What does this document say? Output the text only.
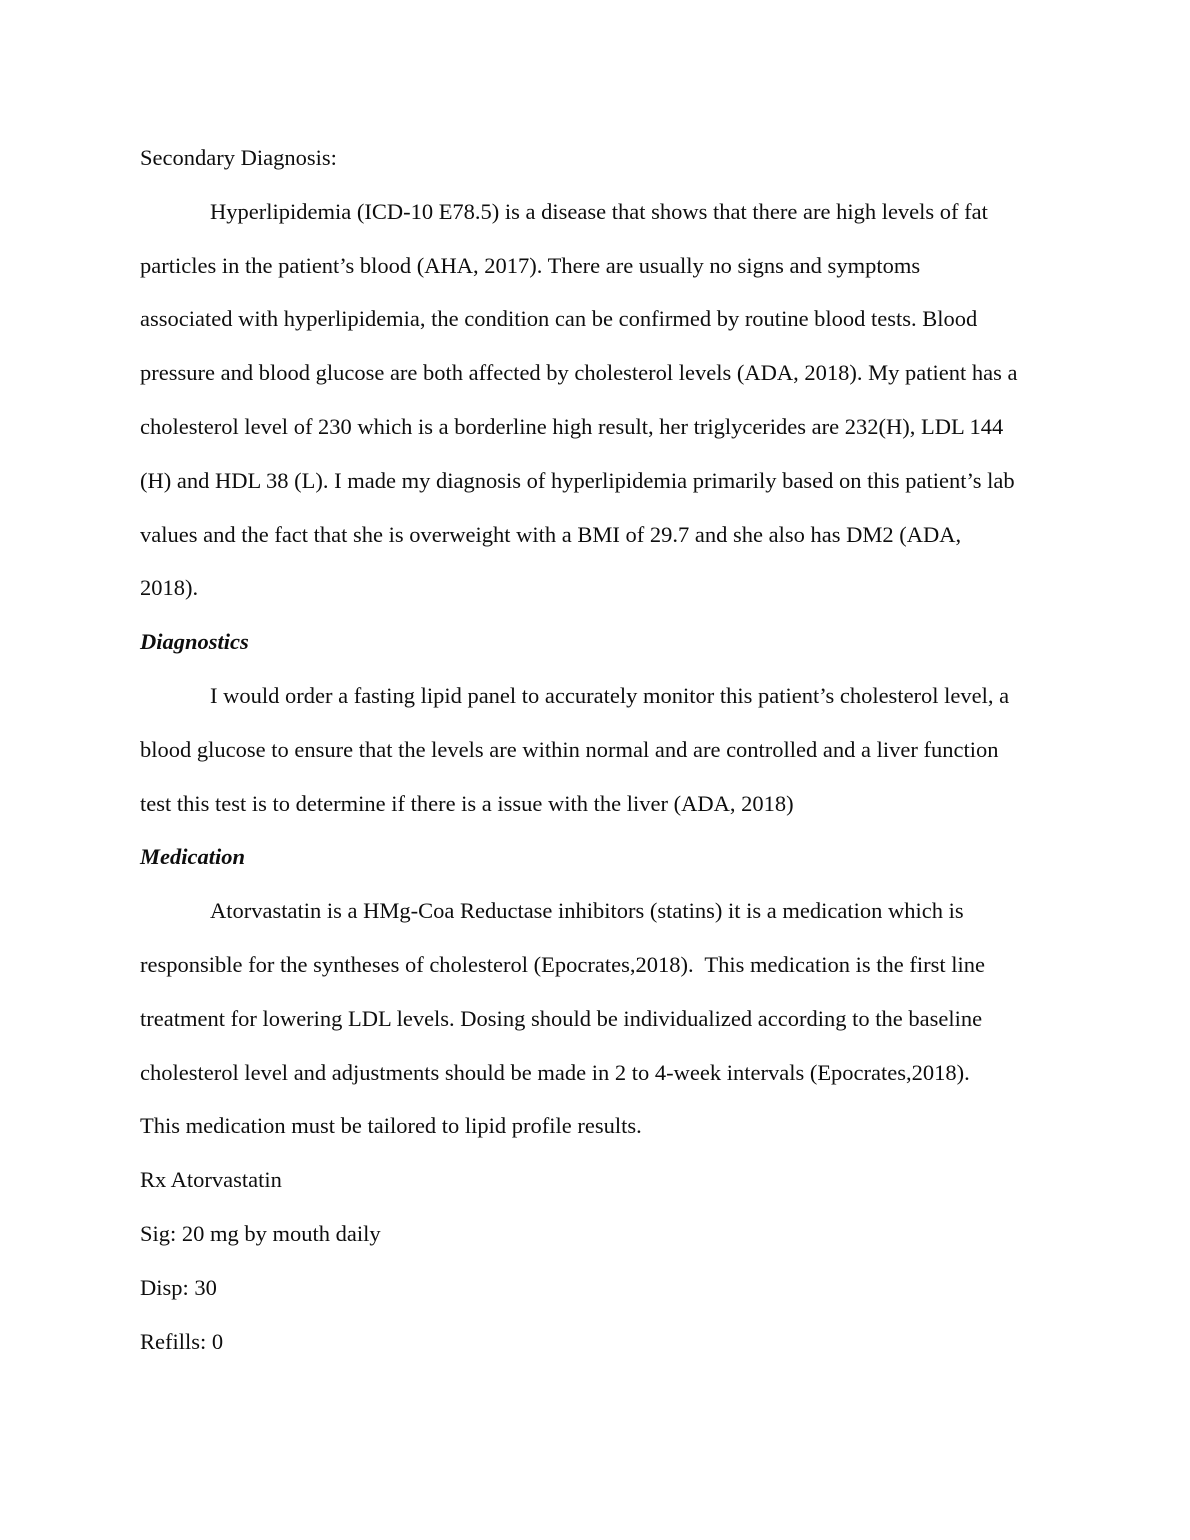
Secondary Diagnosis:
Hyperlipidemia (ICD-10 E78.5) is a disease that shows that there are high levels of fat
particles in the patient’s blood (AHA, 2017). There are usually no signs and symptoms
associated with hyperlipidemia, the condition can be confirmed by routine blood tests. Blood
pressure and blood glucose are both affected by cholesterol levels (ADA, 2018). My patient has a
cholesterol level of 230 which is a borderline high result, her triglycerides are 232(H), LDL 144
(H) and HDL 38 (L). I made my diagnosis of hyperlipidemia primarily based on this patient’s lab
values and the fact that she is overweight with a BMI of 29.7 and she also has DM2 (ADA,
2018).
Diagnostics
I would order a fasting lipid panel to accurately monitor this patient’s cholesterol level, a
blood glucose to ensure that the levels are within normal and are controlled and a liver function
test this test is to determine if there is a issue with the liver (ADA, 2018)
Medication
Atorvastatin is a HMg-Coa Reductase inhibitors (statins) it is a medication which is
responsible for the syntheses of cholesterol (Epocrates,2018).  This medication is the first line
treatment for lowering LDL levels. Dosing should be individualized according to the baseline
cholesterol level and adjustments should be made in 2 to 4-week intervals (Epocrates,2018).
This medication must be tailored to lipid profile results.
Rx Atorvastatin
Sig: 20 mg by mouth daily
Disp: 30
Refills: 0
